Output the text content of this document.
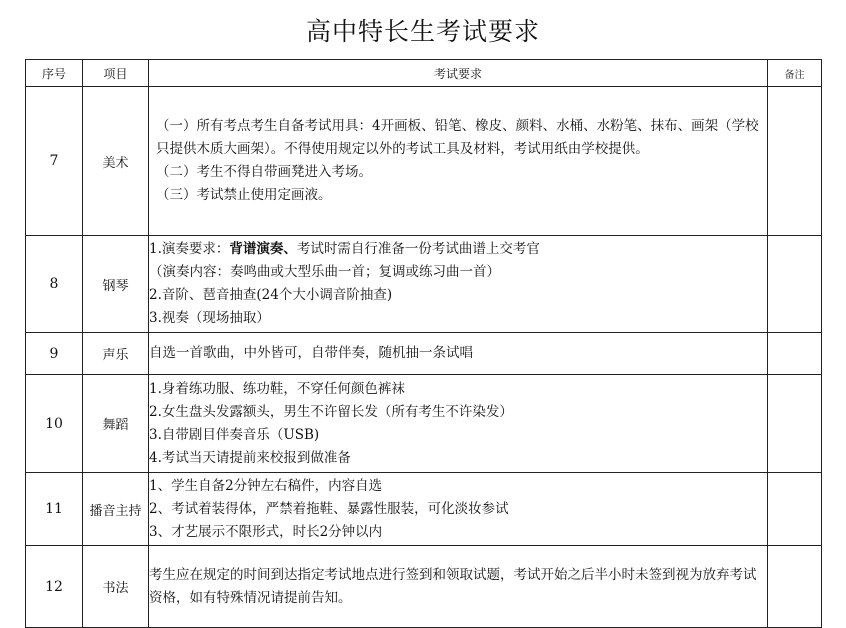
高中特长生考试要求
序号	项目	考试要求	备注
7	美术	（一）所有考点考生自备考试用具：4开画板、铅笔、橡皮、颜料、水桶、水粉笔、抹布、画架（学校只提供木质大画架）。不得使用规定以外的考试工具及材料，考试用纸由学校提供。
（二）考生不得自带画凳进入考场。
（三）考试禁止使用定画液。	

8	钢琴	1.演奏要求：背谱演奏、考试时需自行准备一份考试曲谱上交考官
（演奏内容：奏鸣曲或大型乐曲一首；复调或练习曲一首）
2.音阶、琶音抽查(24个大小调音阶抽查)
3.视奏（现场抽取）	

9	声乐	自选一首歌曲，中外皆可，自带伴奏，随机抽一条试唱	

10	舞蹈	1.身着练功服、练功鞋，不穿任何颜色裤袜
2.女生盘头发露额头，男生不许留长发（所有考生不许染发）
3.自带剧目伴奏音乐（USB)
4.考试当天请提前来校报到做准备	

11	播音主持	1、学生自备2分钟左右稿件，内容自选
2、考试着装得体，严禁着拖鞋、暴露性服装，可化淡妆参试
3、才艺展示不限形式，时长2分钟以内	

12	书法	考生应在规定的时间到达指定考试地点进行签到和领取试题，考试开始之后半小时未签到视为放弃考试资格，如有特殊情况请提前告知。	
